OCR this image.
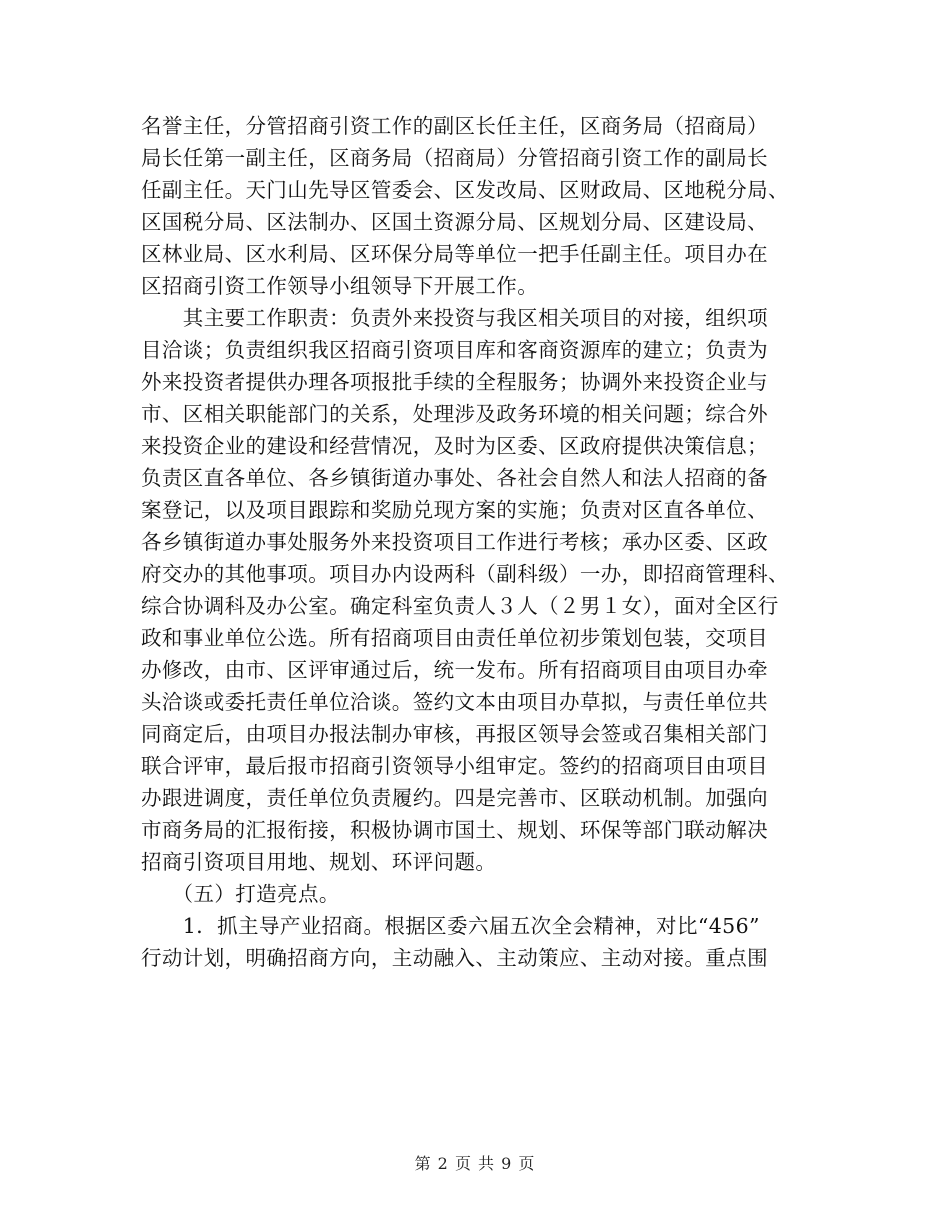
名誉主任，分管招商引资工作的副区长任主任，区商务局（招商局）
局长任第一副主任，区商务局（招商局）分管招商引资工作的副局长
任副主任。天门山先导区管委会、区发改局、区财政局、区地税分局、
区国税分局、区法制办、区国土资源分局、区规划分局、区建设局、
区林业局、区水利局、区环保分局等单位一把手任副主任。项目办在
区招商引资工作领导小组领导下开展工作。
　　其主要工作职责：负责外来投资与我区相关项目的对接，组织项
目洽谈；负责组织我区招商引资项目库和客商资源库的建立；负责为
外来投资者提供办理各项报批手续的全程服务；协调外来投资企业与
市、区相关职能部门的关系，处理涉及政务环境的相关问题；综合外
来投资企业的建设和经营情况，及时为区委、区政府提供决策信息；
负责区直各单位、各乡镇街道办事处、各社会自然人和法人招商的备
案登记，以及项目跟踪和奖励兑现方案的实施；负责对区直各单位、
各乡镇街道办事处服务外来投资项目工作进行考核；承办区委、区政
府交办的其他事项。项目办内设两科（副科级）一办，即招商管理科、
综合协调科及办公室。确定科室负责人３人（２男１女），面对全区行
政和事业单位公选。所有招商项目由责任单位初步策划包装，交项目
办修改，由市、区评审通过后，统一发布。所有招商项目由项目办牵
头洽谈或委托责任单位洽谈。签约文本由项目办草拟，与责任单位共
同商定后，由项目办报法制办审核，再报区领导会签或召集相关部门
联合评审，最后报市招商引资领导小组审定。签约的招商项目由项目
办跟进调度，责任单位负责履约。四是完善市、区联动机制。加强向
市商务局的汇报衔接，积极协调市国土、规划、环保等部门联动解决
招商引资项目用地、规划、环评问题。
　　（五）打造亮点。
　　1．抓主导产业招商。根据区委六届五次全会精神，对比“456”
行动计划，明确招商方向，主动融入、主动策应、主动对接。重点围
第 2 页 共 9 页
